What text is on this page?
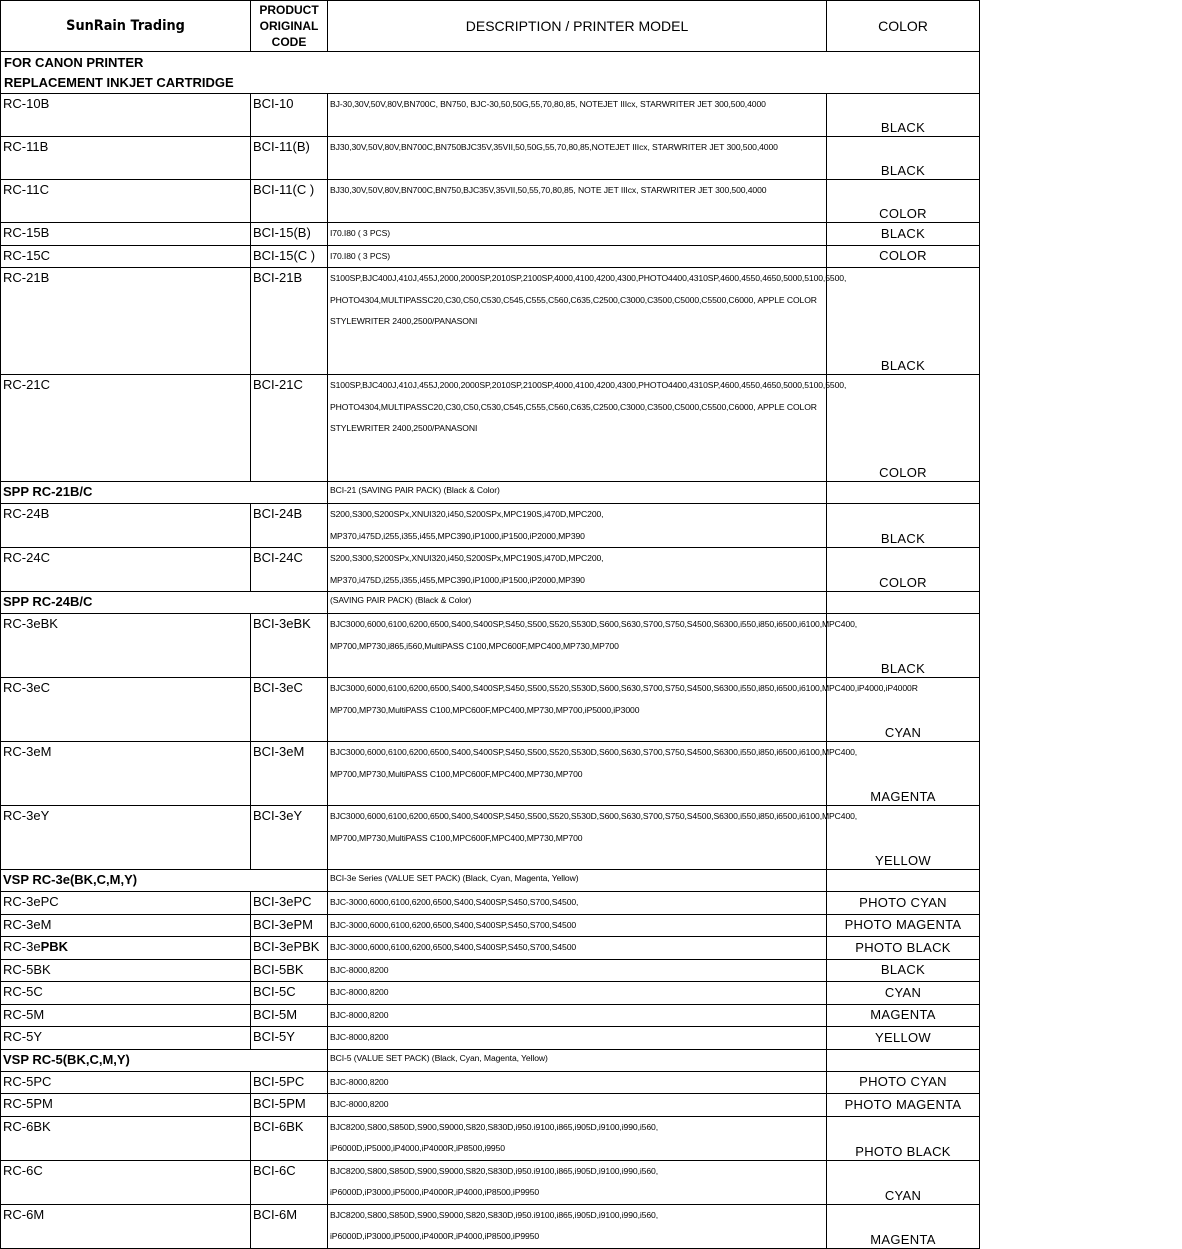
SunRain Trading	PRODUCT
ORIGINAL
CODE	DESCRIPTION / PRINTER MODEL	COLOR

FOR CANON PRINTER
REPLACEMENT INKJET CARTRIDGE			

RC-10B	BCI-10	BJ-30,30V,50V,80V,BN700C, BN750, BJC-30,50,50G,55,70,80,85, NOTEJET IIIcx, STARWRITER JET 300,500,4000	BLACK
RC-11B	BCI-11(B)	BJ30,30V,50V,80V,BN700C,BN750BJC35V,35VII,50,50G,55,70,80,85,NOTEJET IIIcx, STARWRITER JET 300,500,4000	BLACK
RC-11C	BCI-11(C )	BJ30,30V,50V,80V,BN700C,BN750,BJC35V,35VII,50,55,70,80,85, NOTE JET IIIcx, STARWRITER JET 300,500,4000	COLOR
RC-15B	BCI-15(B)	I70.I80 ( 3 PCS)	BLACK
RC-15C	BCI-15(C )	I70.I80 ( 3 PCS)	COLOR
RC-21B	BCI-21B	S100SP,BJC400J,410J,455J,2000,2000SP,2010SP,2100SP,4000,4100,4200,4300,PHOTO4400,4310SP,4600,4550,4650,5000,5100,5500, PHOTO4304,MULTIPASSC20,C30,C50,C530,C545,C555,C560,C635,C2500,C3000,C3500,C5000,C5500,C6000, APPLE COLOR STYLEWRITER 2400,2500/PANASONI	BLACK
RC-21C	BCI-21C	S100SP,BJC400J,410J,455J,2000,2000SP,2010SP,2100SP,4000,4100,4200,4300,PHOTO4400,4310SP,4600,4550,4650,5000,5100,5500, PHOTO4304,MULTIPASSC20,C30,C50,C530,C545,C555,C560,C635,C2500,C3000,C3500,C5000,C5500,C6000, APPLE COLOR STYLEWRITER 2400,2500/PANASONI	COLOR
SPP RC-21B/C		BCI-21 (SAVING PAIR PACK) (Black & Color)	
RC-24B	BCI-24B	S200,S300,S200SPx,XNUI320,i450,S200SPx,MPC190S,i470D,MPC200,
MP370,i475D,i255,i355,i455,MPC390,iP1000,iP1500,iP2000,MP390	BLACK
RC-24C	BCI-24C	S200,S300,S200SPx,XNUI320,i450,S200SPx,MPC190S,i470D,MPC200,
MP370,i475D,i255,i355,i455,MPC390,iP1000,iP1500,iP2000,MP390	COLOR
SPP RC-24B/C		(SAVING PAIR PACK) (Black & Color)	
RC-3eBK	BCI-3eBK	BJC3000,6000,6100,6200,6500,S400,S400SP,S450,S500,S520,S530D,S600,S630,S700,S750,S4500,S6300,i550,i850,i6500,i6100,MPC400, MP700,MP730,i865,i560,MultiPASS C100,MPC600F,MPC400,MP730,MP700	BLACK
RC-3eC	BCI-3eC	BJC3000,6000,6100,6200,6500,S400,S400SP,S450,S500,S520,S530D,S600,S630,S700,S750,S4500,S6300,i550,i850,i6500,i6100,MPC400,iP4000,iP4000R MP700,MP730,MultiPASS C100,MPC600F,MPC400,MP730,MP700,iP5000,iP3000	CYAN
RC-3eM	BCI-3eM	BJC3000,6000,6100,6200,6500,S400,S400SP,S450,S500,S520,S530D,S600,S630,S700,S750,S4500,S6300,i550,i850,i6500,i6100,MPC400, MP700,MP730,MultiPASS C100,MPC600F,MPC400,MP730,MP700	MAGENTA
RC-3eY	BCI-3eY	BJC3000,6000,6100,6200,6500,S400,S400SP,S450,S500,S520,S530D,S600,S630,S700,S750,S4500,S6300,i550,i850,i6500,i6100,MPC400, MP700,MP730,MultiPASS C100,MPC600F,MPC400,MP730,MP700	YELLOW
VSP RC-3e(BK,C,M,Y)		BCI-3e Series (VALUE SET PACK) (Black, Cyan, Magenta, Yellow)	
RC-3ePC	BCI-3ePC	BJC-3000,6000,6100,6200,6500,S400,S400SP,S450,S700,S4500,	PHOTO CYAN
RC-3eM	BCI-3ePM	BJC-3000,6000,6100,6200,6500,S400,S400SP,S450,S700,S4500	PHOTO MAGENTA
RC-3ePBK	BCI-3ePBK	BJC-3000,6000,6100,6200,6500,S400,S400SP,S450,S700,S4500	PHOTO BLACK
RC-5BK	BCI-5BK	BJC-8000,8200	BLACK
RC-5C	BCI-5C	BJC-8000,8200	CYAN
RC-5M	BCI-5M	BJC-8000,8200	MAGENTA
RC-5Y	BCI-5Y	BJC-8000,8200	YELLOW
VSP RC-5(BK,C,M,Y)		BCI-5 (VALUE SET PACK) (Black, Cyan, Magenta, Yellow)	
RC-5PC	BCI-5PC	BJC-8000,8200	PHOTO CYAN
RC-5PM	BCI-5PM	BJC-8000,8200	PHOTO MAGENTA
RC-6BK	BCI-6BK	BJC8200,S800,S850D,S900,S9000,S820,S830D,i950.i9100,i865,i905D,i9100,i990,i560,
iP6000D,iP5000,iP4000,iP4000R,iP8500,i9950	PHOTO BLACK
RC-6C	BCI-6C	BJC8200,S800,S850D,S900,S9000,S820,S830D,i950.i9100,i865,i905D,i9100,i990,i560,
iP6000D,iP3000,iP5000,iP4000R,iP4000,iP8500,iP9950	CYAN
RC-6M	BCI-6M	BJC8200,S800,S850D,S900,S9000,S820,S830D,i950.i9100,i865,i905D,i9100,i990,i560,
iP6000D,iP3000,iP5000,iP4000R,iP4000,iP8500,iP9950	MAGENTA
